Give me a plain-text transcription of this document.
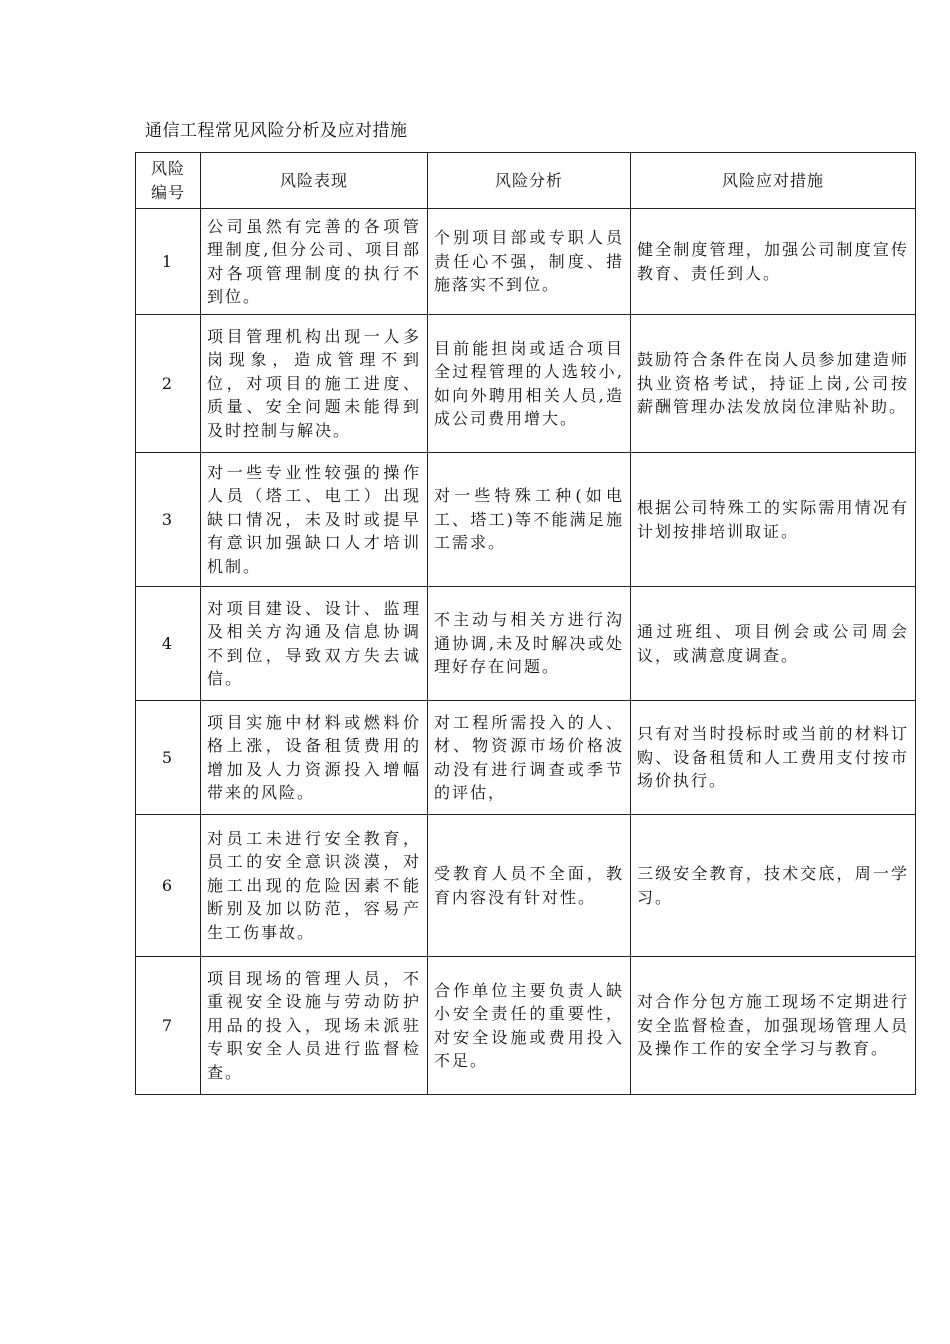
通信工程常见风险分析及应对措施
风险
编号	风险表现	风险分析	风险应对措施
1	公司虽然有完善的各项管理制度,但分公司、项目部对各项管理制度的执行不到位。	个别项目部或专职人员责任心不强，制度、措施落实不到位。	健全制度管理，加强公司制度宣传教育、责任到人。
2	项目管理机构出现一人多岗现象，造成管理不到位，对项目的施工进度、质量、安全问题未能得到及时控制与解决。	目前能担岗或适合项目全过程管理的人选较小,如向外聘用相关人员,造成公司费用增大。	鼓励符合条件在岗人员参加建造师执业资格考试，持证上岗,公司按薪酬管理办法发放岗位津贴补助。
3	对一些专业性较强的操作人员（塔工、电工）出现缺口情况，未及时或提早有意识加强缺口人才培训机制。	对一些特殊工种(如电工、塔工)等不能满足施工需求。	根据公司特殊工的实际需用情况有计划按排培训取证。
4	对项目建设、设计、监理及相关方沟通及信息协调不到位，导致双方失去诚信。	不主动与相关方进行沟通协调,未及时解决或处理好存在问题。	通过班组、项目例会或公司周会议，或满意度调查。
5	项目实施中材料或燃料价格上涨，设备租赁费用的增加及人力资源投入增幅带来的风险。	对工程所需投入的人、材、物资源市场价格波动没有进行调查或季节的评估，	只有对当时投标时或当前的材料订购、设备租赁和人工费用支付按市场价执行。
6	对员工未进行安全教育，员工的安全意识淡漠，对施工出现的危险因素不能断别及加以防范，容易产生工伤事故。	受教育人员不全面，教育内容没有针对性。	三级安全教育，技术交底，周一学习。
7	项目现场的管理人员，不重视安全设施与劳动防护用品的投入，现场未派驻专职安全人员进行监督检查。	合作单位主要负责人缺小安全责任的重要性，对安全设施或费用投入不足。	对合作分包方施工现场不定期进行安全监督检查，加强现场管理人员及操作工作的安全学习与教育。
